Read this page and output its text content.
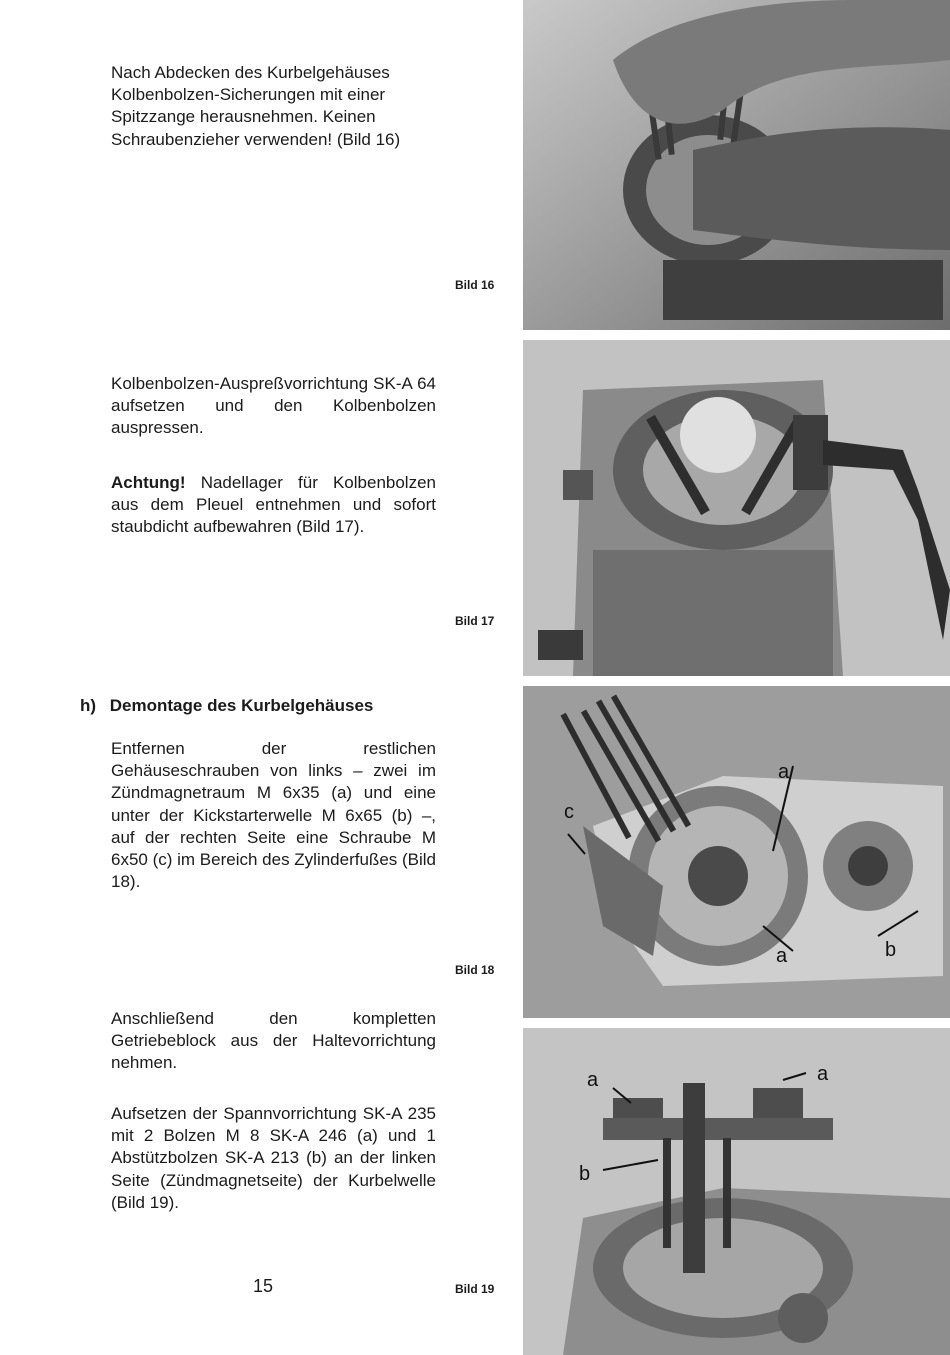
Nach Abdecken des Kurbelgehäuses Kolbenbolzen-Sicherungen mit einer Spitzzange herausnehmen. Keinen Schraubenzieher verwenden! (Bild 16)

Kolbenbolzen-Auspreßvorrichtung SK-A 64 aufsetzen und den Kolbenbolzen auspressen.

Achtung! Nadellager für Kolbenbolzen aus dem Pleuel entnehmen und sofort staubdicht aufbewahren (Bild 17).

h) Demontage des Kurbelgehäuses

Entfernen der restlichen Gehäuseschrauben von links – zwei im Zündmagnetraum M 6x35 (a) und eine unter der Kickstarterwelle M 6x65 (b) –, auf der rechten Seite eine Schraube M 6x50 (c) im Bereich des Zylinderfußes (Bild 18).

Anschließend den kompletten Getriebeblock aus der Haltevorrichtung nehmen.

Aufsetzen der Spannvorrichtung SK-A 235 mit 2 Bolzen M 8 SK-A 246 (a) und 1 Abstützbolzen SK-A 213 (b) an der linken Seite (Zündmagnetseite) der Kurbelwelle (Bild 19).

Bild 16
Bild 17
Bild 18
Bild 19
15
a
c
a	b
a	a
b
